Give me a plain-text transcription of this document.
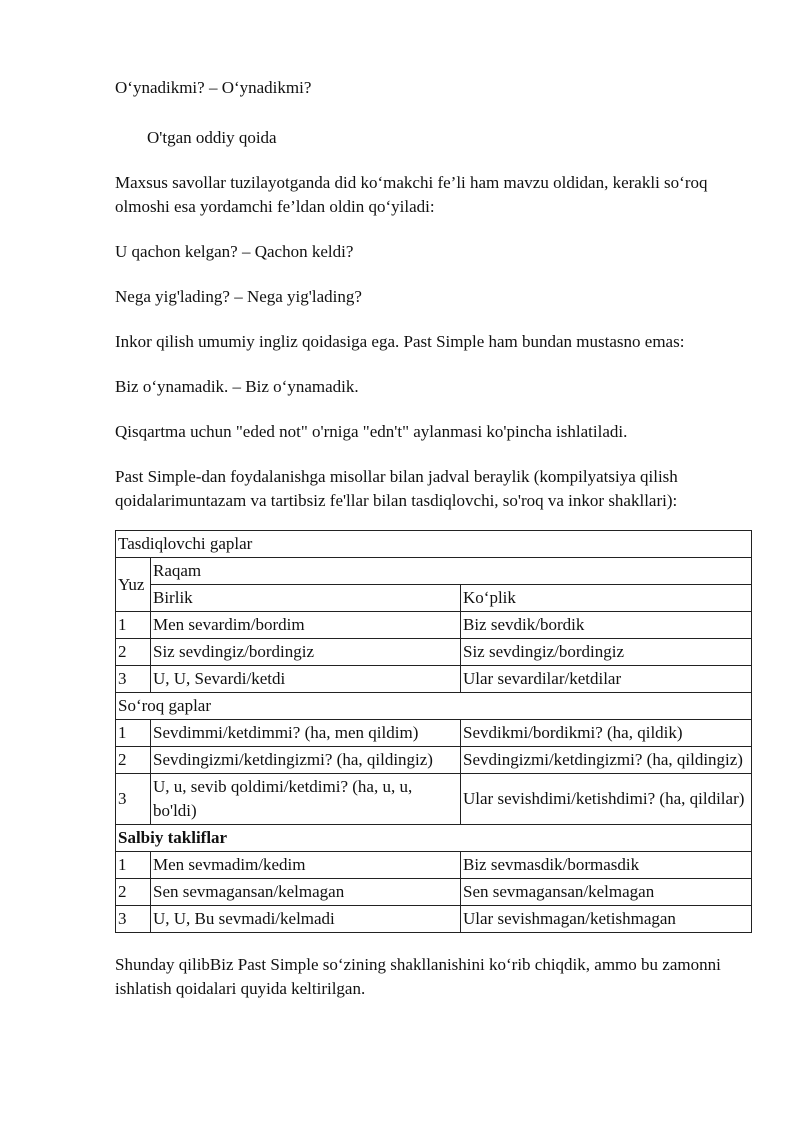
O‘ynadikmi? – O‘ynadikmi?

O'tgan oddiy qoida

Maxsus savollar tuzilayotganda did ko‘makchi fe’li ham mavzu oldidan, kerakli so‘roq olmoshi esa yordamchi fe’ldan oldin qo‘yiladi:

U qachon kelgan? – Qachon keldi?

Nega yig'lading? – Nega yig'lading?

Inkor qilish umumiy ingliz qoidasiga ega. Past Simple ham bundan mustasno emas:

Biz o‘ynamadik. – Biz o‘ynamadik.

Qisqartma uchun "eded not" o'rniga "edn't" aylanmasi ko'pincha ishlatiladi.

Past Simple-dan foydalanishga misollar bilan jadval beraylik (kompilyatsiya qilish qoidalarimuntazam va tartibsiz fe'llar bilan tasdiqlovchi, so'roq va inkor shakllari):

Tasdiqlovchi gaplar		
Yuz	Raqam	
	Birlik	Ko‘plik
1	Men sevardim/bordim	Biz sevdik/bordik
2	Siz sevdingiz/bordingiz	Siz sevdingiz/bordingiz
3	U, U, Sevardi/ketdi	Ular sevardilar/ketdilar
So‘roq gaplar		
1	Sevdimmi/ketdimmi? (ha, men qildim)	Sevdikmi/bordikmi? (ha, qildik)
2	Sevdingizmi/ketdingizmi? (ha, qildingiz)	Sevdingizmi/ketdingizmi? (ha, qildingiz)
3	U, u, sevib qoldimi/ketdimi? (ha, u, u, bo'ldi)	Ular sevishdimi/ketishdimi? (ha, qildilar)
Salbiy takliflar		
1	Men sevmadim/kedim	Biz sevmasdik/bormasdik
2	Sen sevmagansan/kelmagan	Sen sevmagansan/kelmagan
3	U, U, Bu sevmadi/kelmadi	Ular sevishmagan/ketishmagan

Shunday qilibBiz Past Simple so‘zining shakllanishini ko‘rib chiqdik, ammo bu zamonni ishlatish qoidalari quyida keltirilgan.
